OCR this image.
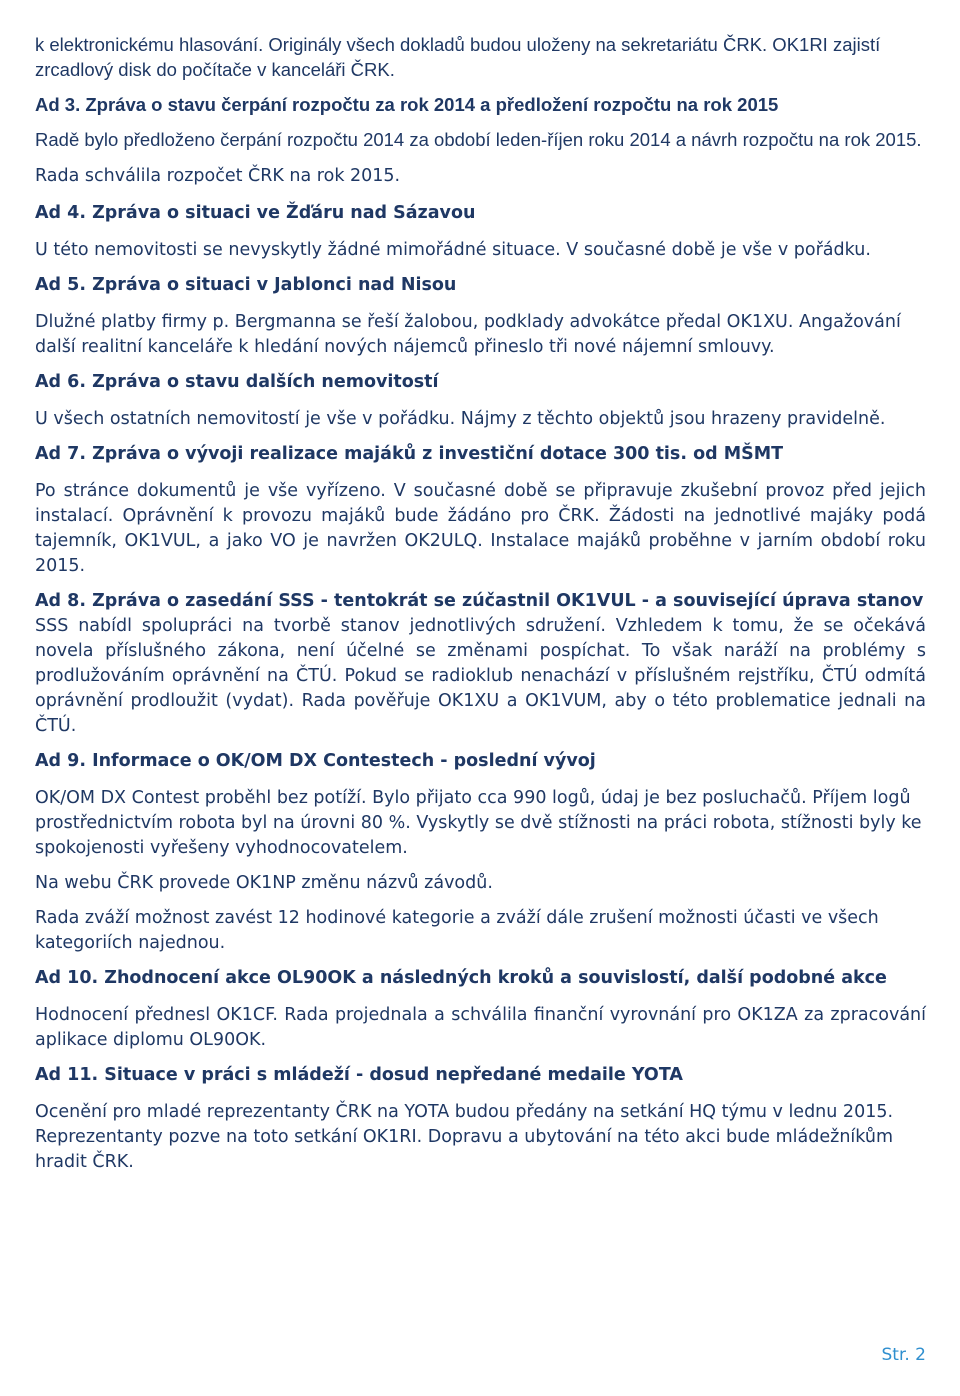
k elektronickému hlasování. Originály všech dokladů budou uloženy na sekretariátu ČRK. OK1RI zajistí zrcadlový disk do počítače v kanceláři ČRK.

Ad 3. Zpráva o stavu čerpání rozpočtu za rok 2014 a předložení rozpočtu na rok 2015

Radě bylo předloženo čerpání rozpočtu 2014 za období leden-říjen roku 2014 a návrh rozpočtu na rok 2015.

Rada schválila rozpočet ČRK na rok 2015.

Ad 4. Zpráva o situaci ve Žďáru nad Sázavou

U této nemovitosti se nevyskytly žádné mimořádné situace. V současné době je vše v pořádku.

Ad 5. Zpráva o situaci v Jablonci nad Nisou

Dlužné platby firmy p. Bergmanna se řeší žalobou, podklady advokátce předal OK1XU. Angažování další realitní kanceláře k hledání nových nájemců přineslo tři nové nájemní smlouvy.

Ad 6. Zpráva o stavu dalších nemovitostí

U všech ostatních nemovitostí je vše v pořádku. Nájmy z těchto objektů jsou hrazeny pravidelně.

Ad 7. Zpráva o vývoji realizace majáků z investiční dotace 300 tis. od MŠMT

Po stránce dokumentů je vše vyřízeno. V současné době se připravuje zkušební provoz před jejich instalací. Oprávnění k provozu majáků bude žádáno pro ČRK. Žádosti na jednotlivé majáky podá tajemník, OK1VUL, a jako VO je navržen OK2ULQ. Instalace majáků proběhne v jarním období roku 2015.

Ad 8. Zpráva o zasedání SSS - tentokrát se zúčastnil OK1VUL - a související úprava stanov

SSS nabídl spolupráci na tvorbě stanov jednotlivých sdružení. Vzhledem k tomu, že se očekává novela příslušného zákona, není účelné se změnami pospíchat. To však naráží na problémy s prodlužováním oprávnění na ČTÚ. Pokud se radioklub nenachází v příslušném rejstříku, ČTÚ odmítá oprávnění prodloužit (vydat). Rada pověřuje OK1XU a OK1VUM, aby o této problematice jednali na ČTÚ.

Ad 9. Informace o OK/OM DX Contestech - poslední vývoj

OK/OM DX Contest proběhl bez potíží. Bylo přijato cca 990 logů, údaj je bez posluchačů. Příjem logů prostřednictvím robota byl na úrovni 80 %. Vyskytly se dvě stížnosti na práci robota, stížnosti byly ke spokojenosti vyřešeny vyhodnocovatelem.

Na webu ČRK provede OK1NP změnu názvů závodů.

Rada zváží možnost zavést 12 hodinové kategorie a zváží dále zrušení možnosti účasti ve všech kategoriích najednou.

Ad 10. Zhodnocení akce OL90OK a následných kroků a souvislostí, další podobné akce

Hodnocení přednesl OK1CF. Rada projednala a schválila finanční vyrovnání pro OK1ZA za zpracování aplikace diplomu OL90OK.

Ad 11. Situace v práci s mládeží - dosud nepředané medaile YOTA

Ocenění pro mladé reprezentanty ČRK na YOTA budou předány na setkání HQ týmu v lednu 2015. Reprezentanty pozve na toto setkání OK1RI. Dopravu a ubytování na této akci bude mládežníkům hradit ČRK.

Str. 2
